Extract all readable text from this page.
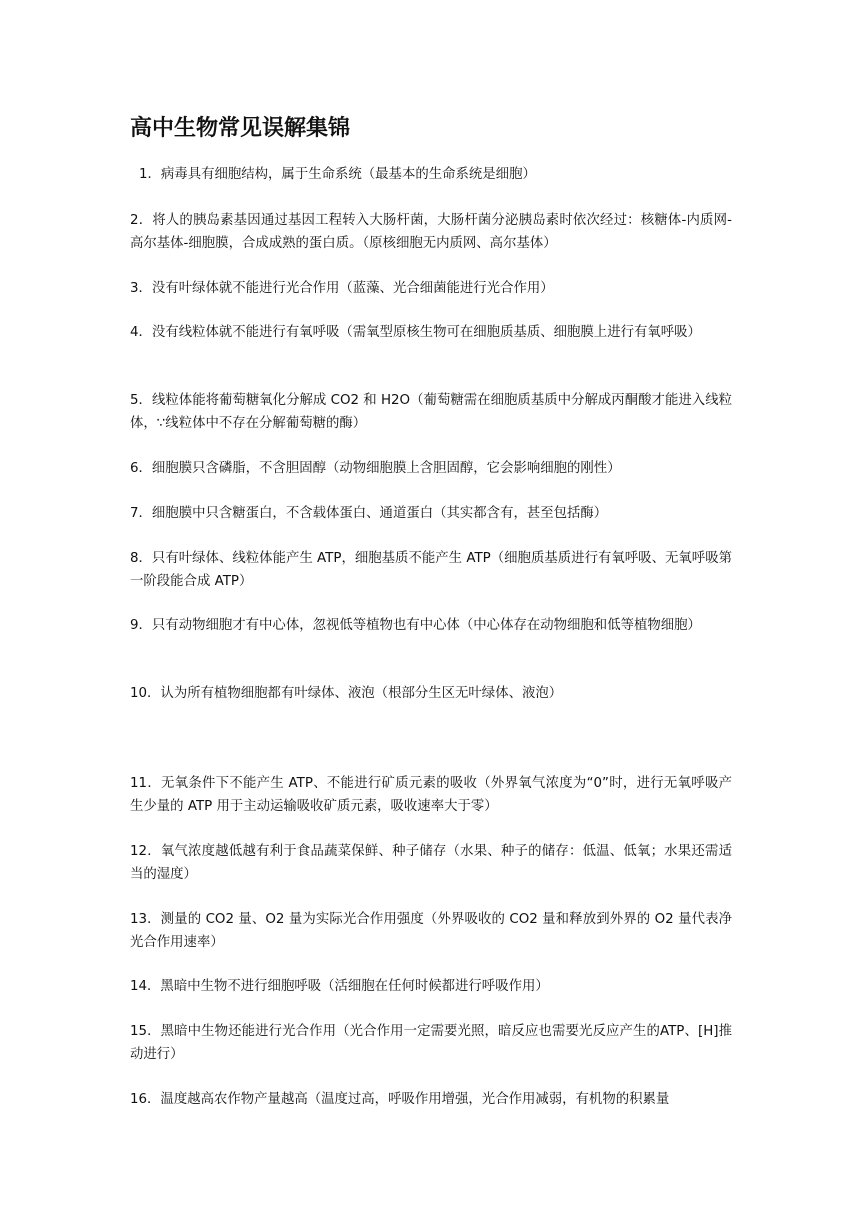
高中生物常见误解集锦
1．病毒具有细胞结构，属于生命系统（最基本的生命系统是细胞）
2．将人的胰岛素基因通过基因工程转入大肠杆菌，大肠杆菌分泌胰岛素时依次经过：核糖体-内质网-高尔基体-细胞膜，合成成熟的蛋白质。（原核细胞无内质网、高尔基体）
3．没有叶绿体就不能进行光合作用（蓝藻、光合细菌能进行光合作用）
4．没有线粒体就不能进行有氧呼吸（需氧型原核生物可在细胞质基质、细胞膜上进行有氧呼吸）
5．线粒体能将葡萄糖氧化分解成 CO2 和 H2O（葡萄糖需在细胞质基质中分解成丙酮酸才能进入线粒体，∵线粒体中不存在分解葡萄糖的酶）
6．细胞膜只含磷脂，不含胆固醇（动物细胞膜上含胆固醇，它会影响细胞的刚性）
7．细胞膜中只含糖蛋白，不含载体蛋白、通道蛋白（其实都含有，甚至包括酶）
8．只有叶绿体、线粒体能产生 ATP，细胞基质不能产生 ATP（细胞质基质进行有氧呼吸、无氧呼吸第一阶段能合成 ATP）
9．只有动物细胞才有中心体，忽视低等植物也有中心体（中心体存在动物细胞和低等植物细胞）
10．认为所有植物细胞都有叶绿体、液泡（根部分生区无叶绿体、液泡）
11．无氧条件下不能产生 ATP、不能进行矿质元素的吸收（外界氧气浓度为“0”时，进行无氧呼吸产生少量的 ATP 用于主动运输吸收矿质元素，吸收速率大于零）
12．氧气浓度越低越有利于食品蔬菜保鲜、种子储存（水果、种子的储存：低温、低氧；水果还需适当的湿度）
13．测量的 CO2 量、O2 量为实际光合作用强度（外界吸收的 CO2 量和释放到外界的 O2 量代表净光合作用速率）
14．黑暗中生物不进行细胞呼吸（活细胞在任何时候都进行呼吸作用）
15．黑暗中生物还能进行光合作用（光合作用一定需要光照，暗反应也需要光反应产生的ATP、[H]推动进行）
16．温度越高农作物产量越高（温度过高，呼吸作用增强，光合作用减弱，有机物的积累量
